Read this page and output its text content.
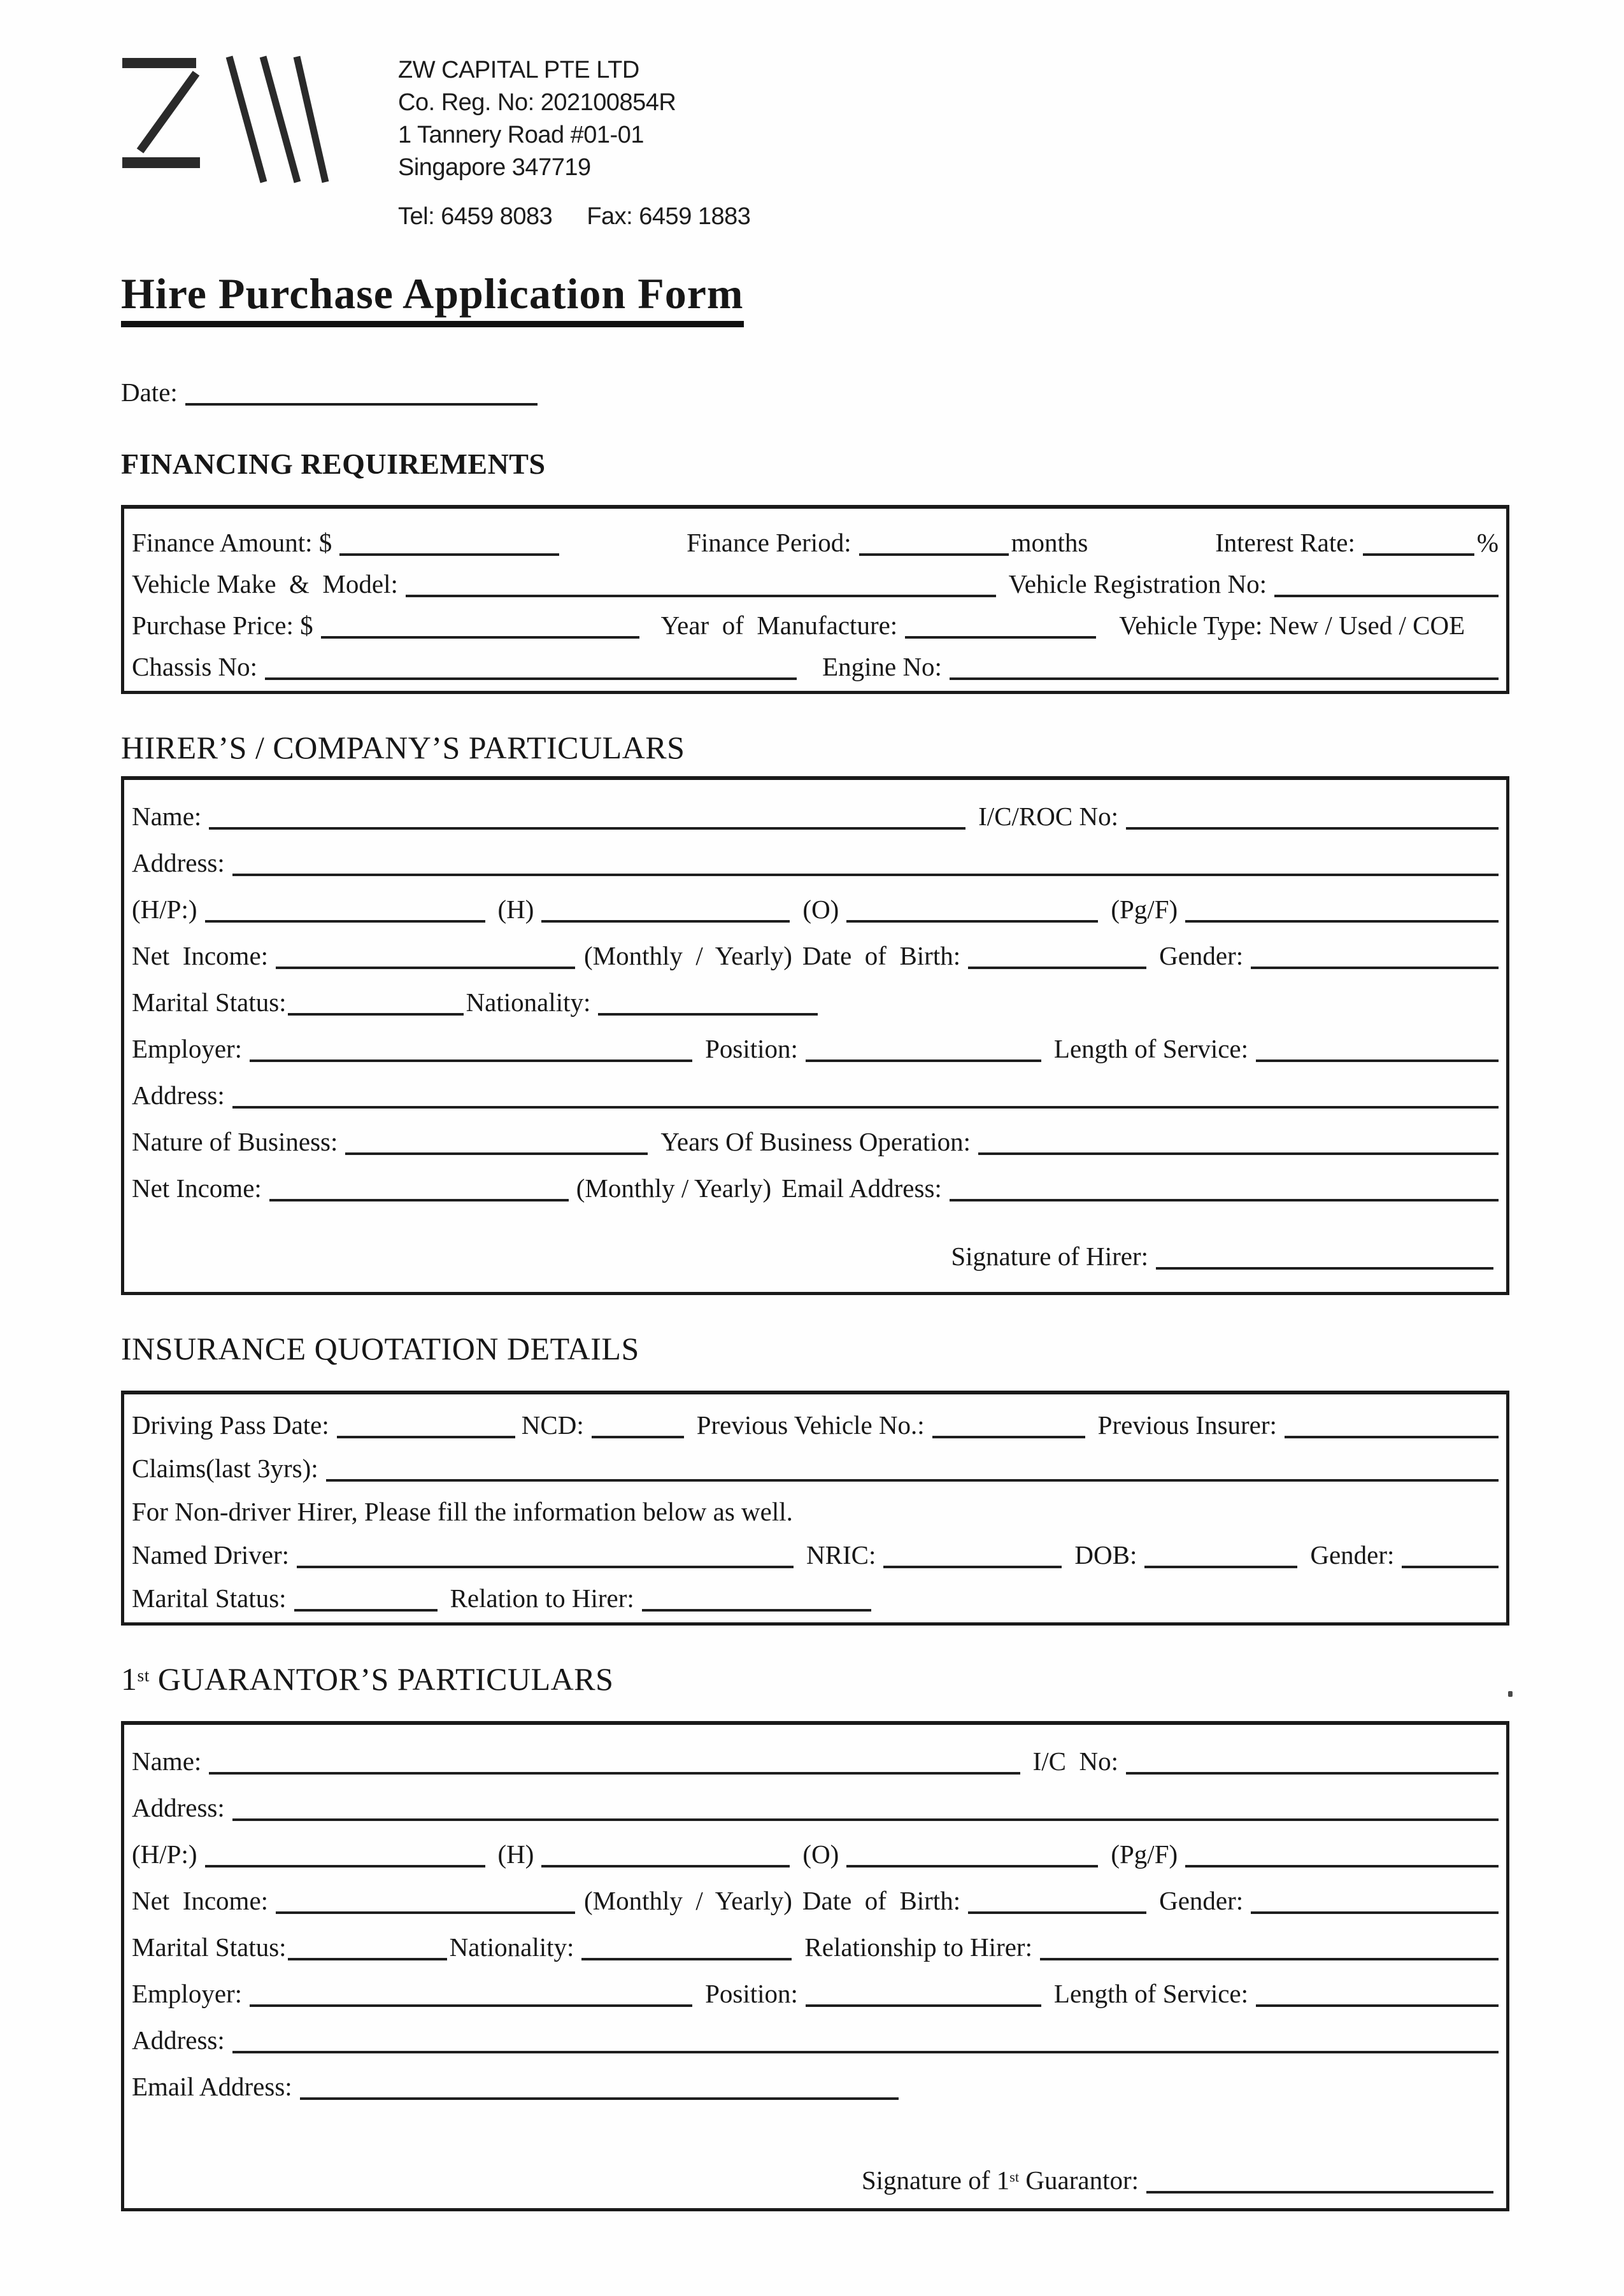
ZW CAPITAL PTE LTD
Co. Reg. No: 202100854R
1 Tannery Road #01-01
Singapore 347719
Tel: 6459 8083 Fax: 6459 1883
Hire Purchase Application Form
Date:
FINANCING REQUIREMENTS
Finance Amount: $	Finance Period:	months	Interest Rate:	%
Vehicle Make  &  Model:	Vehicle Registration No:
Purchase Price: $	Year  of  Manufacture:	Vehicle Type: New / Used / COE
Chassis No:	Engine No:
HIRER’S / COMPANY’S PARTICULARS
Name:	I/C/ROC No:
Address:
(H/P:)	(H)	(O)	(Pg/F)
Net  Income:	(Monthly  /  Yearly) Date  of  Birth:	Gender:
Marital Status:	Nationality:
Employer:	Position:	Length of Service:
Address:
Nature of Business:	Years Of Business Operation:
Net Income:	(Monthly / Yearly) Email Address:
Signature of Hirer:
INSURANCE QUOTATION DETAILS
Driving Pass Date:	NCD:	Previous Vehicle No.:	Previous Insurer:
Claims(last 3yrs):
For Non-driver Hirer, Please fill the information below as well.
Named Driver:	NRIC:	DOB:	Gender:
Marital Status:	Relation to Hirer:
1st GUARANTOR’S PARTICULARS
Name:	I/C  No:
Address:
(H/P:)	(H)	(O)	(Pg/F)
Net  Income:	(Monthly  /  Yearly) Date  of  Birth:	Gender:
Marital Status:	Nationality:	Relationship to Hirer:
Employer:	Position:	Length of Service:
Address:
Email Address:
Signature of 1st Guarantor:
